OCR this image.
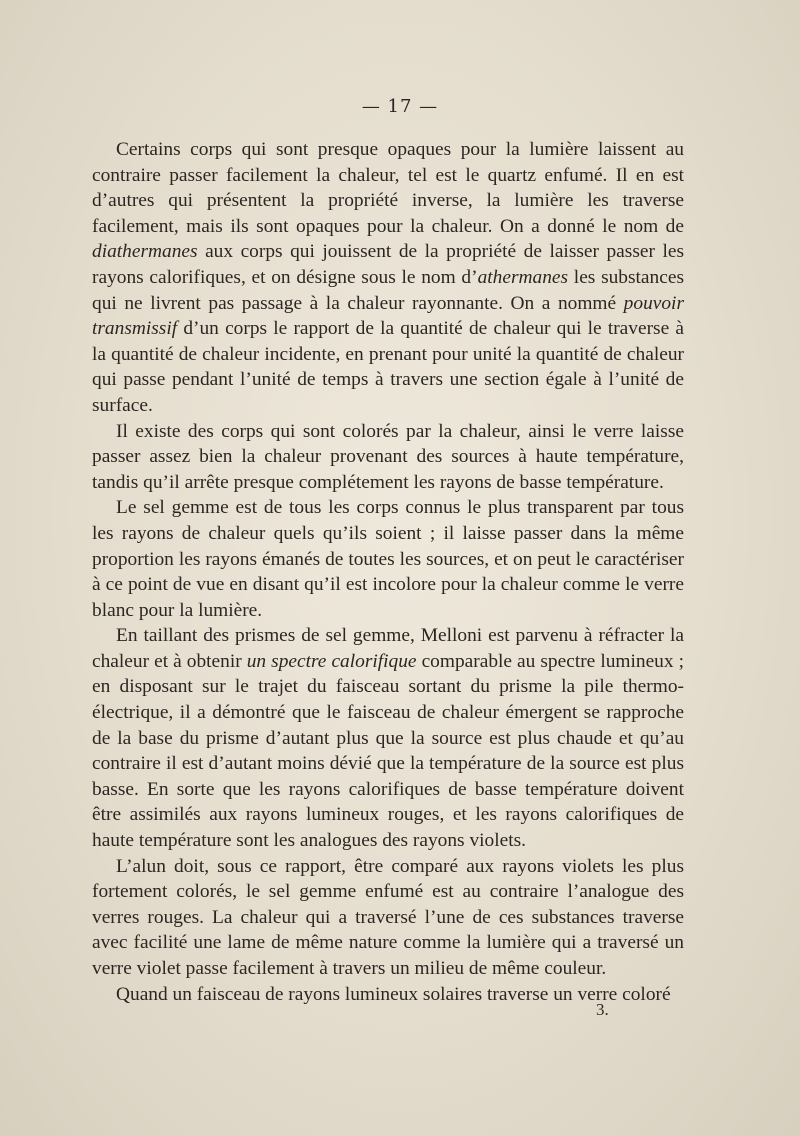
— 17 —

Certains corps qui sont presque opaques pour la lumière laissent au contraire passer facilement la chaleur, tel est le quartz enfumé. Il en est d’autres qui présentent la propriété inverse, la lumière les traverse facilement, mais ils sont opaques pour la chaleur. On a donné le nom de diathermanes aux corps qui jouissent de la propriété de laisser passer les rayons calorifiques, et on désigne sous le nom d’athermanes les substances qui ne livrent pas passage à la chaleur rayonnante. On a nommé pouvoir transmissif d’un corps le rapport de la quantité de chaleur qui le traverse à la quantité de chaleur incidente, en prenant pour unité la quantité de chaleur qui passe pendant l’unité de temps à travers une section égale à l’unité de surface.

Il existe des corps qui sont colorés par la chaleur, ainsi le verre laisse passer assez bien la chaleur provenant des sources à haute température, tandis qu’il arrête presque complétement les rayons de basse température.

Le sel gemme est de tous les corps connus le plus transparent par tous les rayons de chaleur quels qu’ils soient ; il laisse passer dans la même proportion les rayons émanés de toutes les sources, et on peut le caractériser à ce point de vue en disant qu’il est incolore pour la chaleur comme le verre blanc pour la lumière.

En taillant des prismes de sel gemme, Melloni est parvenu à réfracter la chaleur et à obtenir un spectre calorifique comparable au spectre lumineux ; en disposant sur le trajet du faisceau sortant du prisme la pile thermo-électrique, il a démontré que le faisceau de chaleur émergent se rapproche de la base du prisme d’autant plus que la source est plus chaude et qu’au contraire il est d’autant moins dévié que la température de la source est plus basse. En sorte que les rayons calorifiques de basse température doivent être assimilés aux rayons lumineux rouges, et les rayons calorifiques de haute température sont les analogues des rayons violets.

L’alun doit, sous ce rapport, être comparé aux rayons violets les plus fortement colorés, le sel gemme enfumé est au contraire l’analogue des verres rouges. La chaleur qui a traversé l’une de ces substances traverse avec facilité une lame de même nature comme la lumière qui a traversé un verre violet passe facilement à travers un milieu de même couleur.

Quand un faisceau de rayons lumineux solaires traverse un verre coloré

3.
